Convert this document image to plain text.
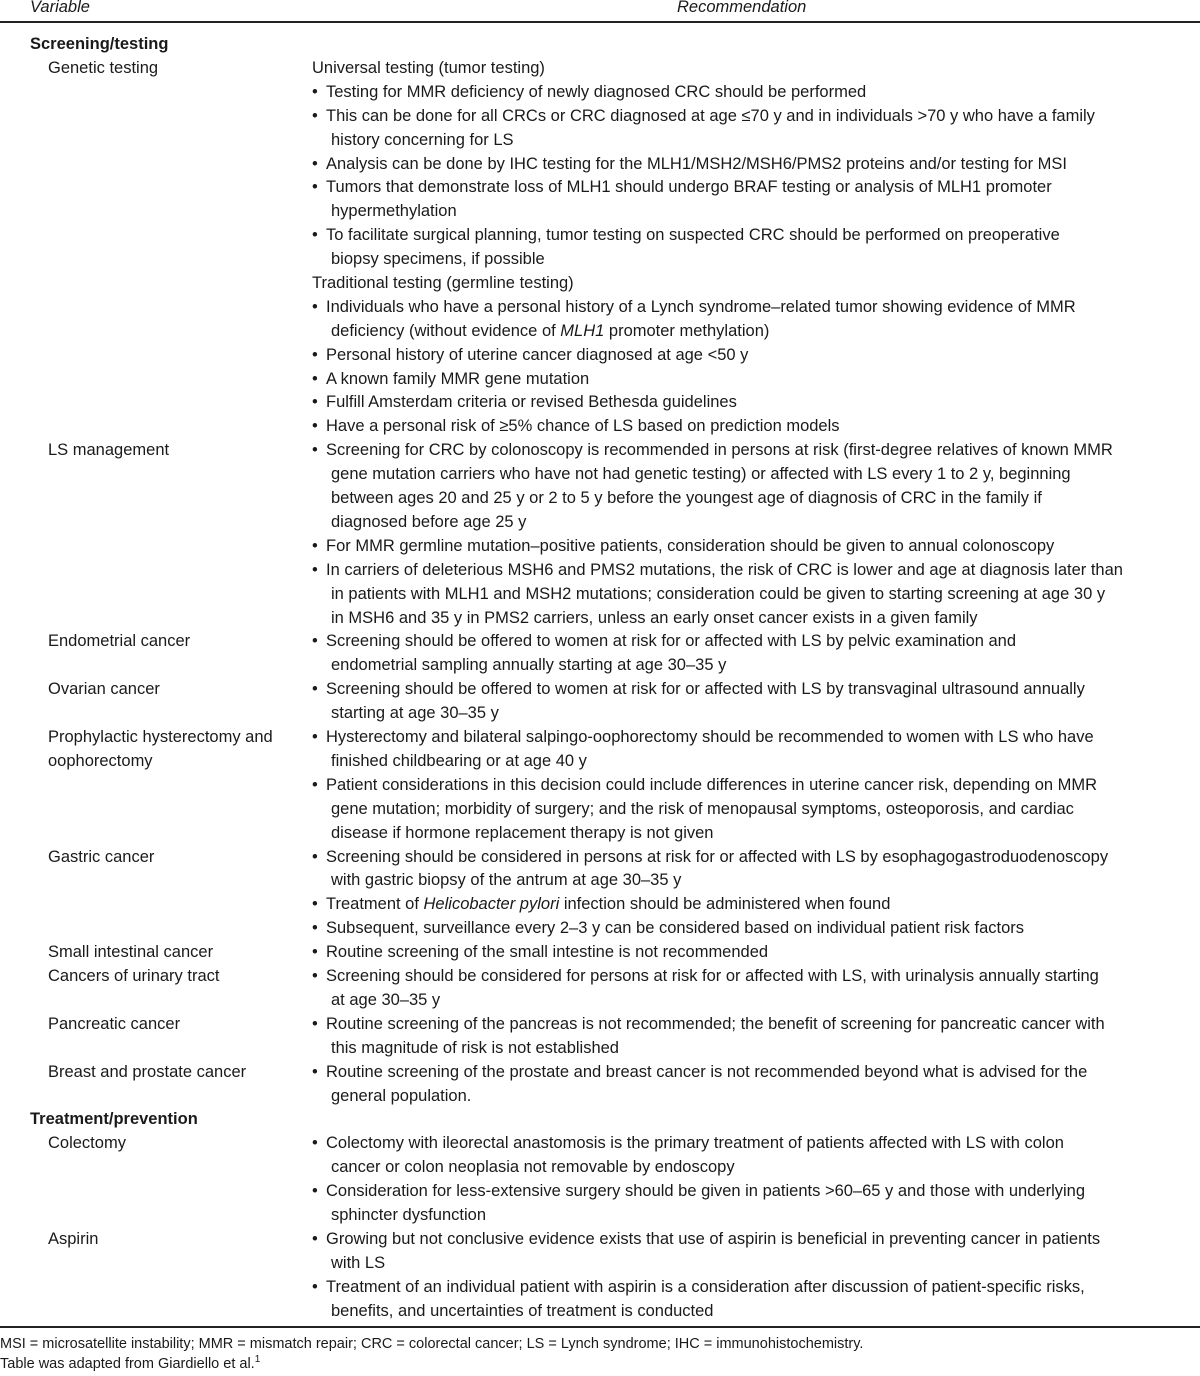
Variable	Recommendation
Screening/testing
Genetic testing	Universal testing (tumor testing)
• Testing for MMR deficiency of newly diagnosed CRC should be performed
• This can be done for all CRCs or CRC diagnosed at age ≤70 y and in individuals >70 y who have a family
history concerning for LS
• Analysis can be done by IHC testing for the MLH1/MSH2/MSH6/PMS2 proteins and/or testing for MSI
• Tumors that demonstrate loss of MLH1 should undergo BRAF testing or analysis of MLH1 promoter
hypermethylation
• To facilitate surgical planning, tumor testing on suspected CRC should be performed on preoperative
biopsy specimens, if possible
Traditional testing (germline testing)
• Individuals who have a personal history of a Lynch syndrome–related tumor showing evidence of MMR
deficiency (without evidence of MLH1 promoter methylation)
• Personal history of uterine cancer diagnosed at age <50 y
• A known family MMR gene mutation
• Fulfill Amsterdam criteria or revised Bethesda guidelines
• Have a personal risk of ≥5% chance of LS based on prediction models
LS management	• Screening for CRC by colonoscopy is recommended in persons at risk (first-degree relatives of known MMR
gene mutation carriers who have not had genetic testing) or affected with LS every 1 to 2 y, beginning
between ages 20 and 25 y or 2 to 5 y before the youngest age of diagnosis of CRC in the family if
diagnosed before age 25 y
• For MMR germline mutation–positive patients, consideration should be given to annual colonoscopy
• In carriers of deleterious MSH6 and PMS2 mutations, the risk of CRC is lower and age at diagnosis later than
in patients with MLH1 and MSH2 mutations; consideration could be given to starting screening at age 30 y
in MSH6 and 35 y in PMS2 carriers, unless an early onset cancer exists in a given family
Endometrial cancer	• Screening should be offered to women at risk for or affected with LS by pelvic examination and
endometrial sampling annually starting at age 30–35 y
Ovarian cancer	• Screening should be offered to women at risk for or affected with LS by transvaginal ultrasound annually
starting at age 30–35 y
Prophylactic hysterectomy and
oophorectomy
• Hysterectomy and bilateral salpingo-oophorectomy should be recommended to women with LS who have
finished childbearing or at age 40 y
• Patient considerations in this decision could include differences in uterine cancer risk, depending on MMR
gene mutation; morbidity of surgery; and the risk of menopausal symptoms, osteoporosis, and cardiac
disease if hormone replacement therapy is not given
Gastric cancer	• Screening should be considered in persons at risk for or affected with LS by esophagogastroduodenoscopy
with gastric biopsy of the antrum at age 30–35 y
• Treatment of Helicobacter pylori infection should be administered when found
• Subsequent, surveillance every 2–3 y can be considered based on individual patient risk factors
Small intestinal cancer	• Routine screening of the small intestine is not recommended
Cancers of urinary tract	• Screening should be considered for persons at risk for or affected with LS, with urinalysis annually starting
at age 30–35 y
Pancreatic cancer	• Routine screening of the pancreas is not recommended; the benefit of screening for pancreatic cancer with
this magnitude of risk is not established
Breast and prostate cancer	• Routine screening of the prostate and breast cancer is not recommended beyond what is advised for the
general population.
Treatment/prevention
Colectomy	• Colectomy with ileorectal anastomosis is the primary treatment of patients affected with LS with colon
cancer or colon neoplasia not removable by endoscopy
• Consideration for less-extensive surgery should be given in patients >60–65 y and those with underlying
sphincter dysfunction
Aspirin	• Growing but not conclusive evidence exists that use of aspirin is beneficial in preventing cancer in patients
with LS
• Treatment of an individual patient with aspirin is a consideration after discussion of patient-specific risks,
benefits, and uncertainties of treatment is conducted
MSI = microsatellite instability; MMR = mismatch repair; CRC = colorectal cancer; LS = Lynch syndrome; IHC = immunohistochemistry.
Table was adapted from Giardiello et al.$^1$
